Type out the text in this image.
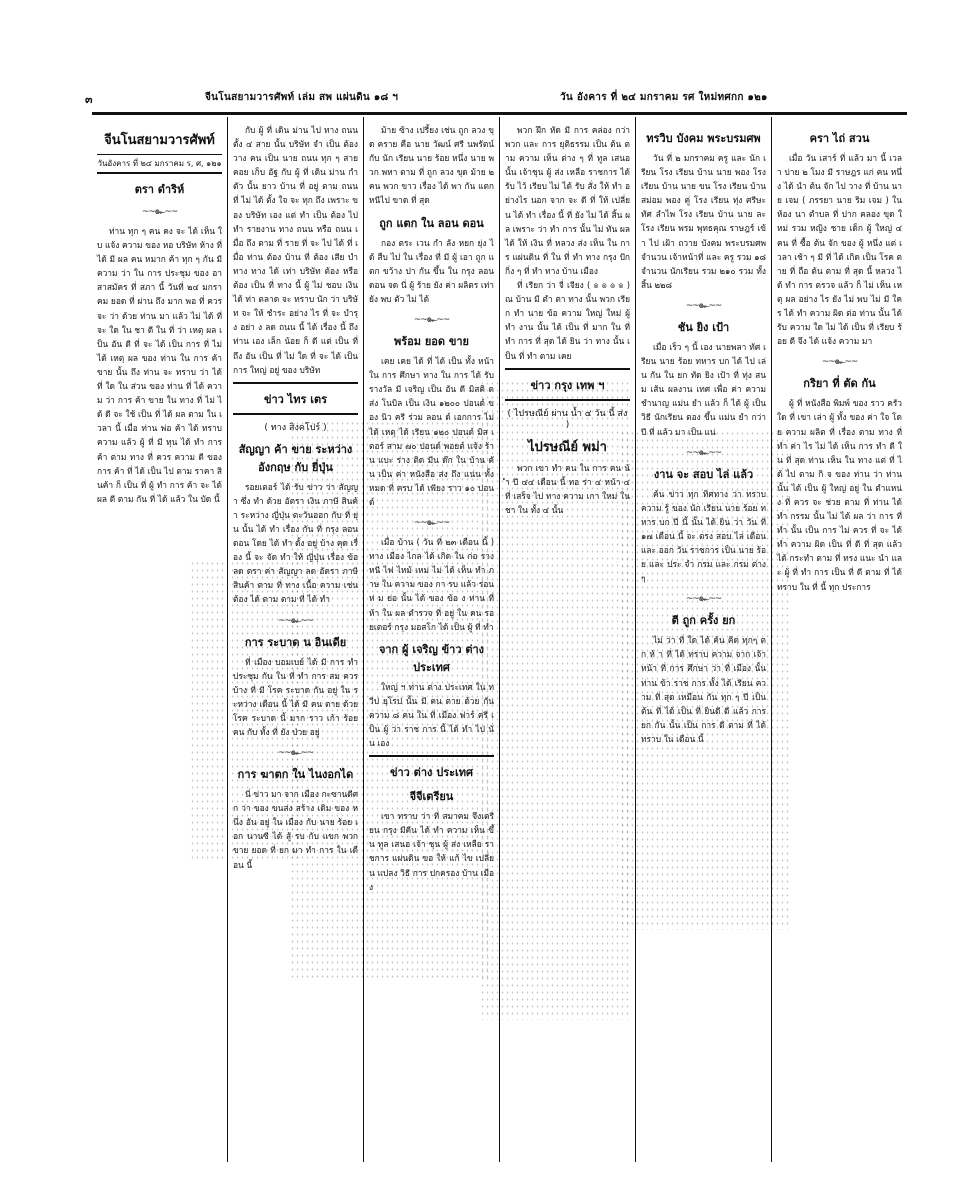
๓	จีนโนสยามวารศัพท์ เล่ม สพ แผ่นดิน ๑๘ ฯ	วัน อังคาร ที่ ๒๔ มกราคม รศ ใหม่ทศกก ๑๒๑
จีนโนสยามวารศัพท์
วันอังคาร ที่ ๒๔ มกราคม ร, ศ, ๑๒๑
ตรา ดำริห์
~~๛~~

ท่าน ทุก ๆ คน คง จะ ได้ เห็น ใบ แจ้ง ความ ของ หอ บริษัท ห้าง ที่ ได้ มี ผล คน หมาก ค้า ทุก ๆ กัน มี ความ ว่า ใน การ ประชุม ของ อาสาสมัคร ที่ สภา นี้ วันที่ ๒๔ มกราคม ยอด ที่ ผ่าน ถึง มาก พอ ที่ ควร จะ ว่า ด้วย ท่าน มา แล้ว ไม่ ได้ ที่ จะ ใด ใน ชา ดี ใน ที่ ว่า เหตุ ผล เป็น อัน ดี ที่ จะ ได้ เป็น การ ที่ ไม่ ได้ เหตุ ผล ของ ท่าน ใน การ ค้า ขาย นั้น ถึง ท่าน จะ ทราบ ว่า ได้ ที่ ใด ใน ส่วน ของ ท่าน ที่ ได้ ความ ว่า การ ค้า ขาย ใน ทาง ที่ ไม่ ได้ ดี จะ ใช้ เป็น ที่ ได้ ผล ตาม ใน เวลา นี้ เมื่อ ท่าน พ่อ ค้า ได้ ทราบ ความ แล้ว ผู้ ที่ มี ทุน ได้ ทำ การ ค้า ตาม ทาง ที่ ควร ความ ดี ของ การ ค้า ที่ ได้ เป็น ไป ตาม ราคา สินค้า ก็ เป็น ที่ ผู้ ทำ การ ค้า จะ ได้ ผล ดี ตาม กัน ที่ ได้ แล้ว ใน บัด นี้

กับ ผู้ ที่ เดิน ม่าน ไป ทาง ถนน ตั้ง ๔ สาย นั้น บริษัท จำ เป็น ต้อง วาง คน เป็น นาย ถนน ทุก ๆ สาย คอย เก็บ อัฐ กับ ผู้ ที่ เดิน ม่าน กำ ตัว นั้น ยาว บ้าน ที่ อยู่ ตาม ถนน ที่ ไม่ ได้ ตั้ง ใจ จะ ทุก ถึง เพราะ ของ บริษัท เอง แต่ ทำ เป็น ต้อง ไป ทำ รายงาน ทาง ถนน หรือ ถนน เมื่อ ถึง ตาม ที่ ราย ที่ จะ ไป ได้ ที่ เมื่อ ท่าน ต้อง บ้าน ที่ ต้อง เสีย บำ ทาง ทาง ได้ เท่า บริษัท ต้อง หรือ ต้อง เป็น ที่ ทาง นี้ ผู้ ไม่ ชอบ เงิน ได้ ท่า ตลาด จะ ทราบ นัก ว่า บริษัท จะ ให้ ชำระ อย่าง ไร ที่ จะ บำรุง อย่า ง ลด ถนน นี้ ได้ เรื่อง นี้ ถึง ท่าน เอง เล็ก น้อย ก็ ดี แต่ เป็น ที่ ถึง อัน เป็น ที่ ไม่ ใด ที่ จะ ได้ เป็น การ ใหญ่ อยู่ ของ บริษัท

ข่าว ไทร เตร
( ทาง สิงคโปร์ )
สัญญา ค้า ขาย ระหว่าง อังกฤษ กับ ยี่ปุ่น

รอยเตอร์ ได้ รับ ข่าว ว่า สัญญา ซึ่ง ทำ ด้วย อัตรา เงิน ภาษี สินค้า ระหว่าง ญี่ปุ่น ตะวันออก กับ ที่ ยุ่น นั้น ได้ ทำ เรื่อง กัน ที่ กรุง ลอนดอน โดย ได้ ทำ ตั้ง อยู่ บ้าง คุด เรื่อง นี้ จะ จัด ทำ ให้ ญี่ปุ่น เรื่อง ข้อ ลด ตรา ค่า สัญญา ลด อัตรา ภาษี สินค้า ตาม ที่ ทาง เนื้อ ความ เช่น ต้อง ได้ ตาม ตาม ที่ ได้ ทำ

~~๛~~
การ ระบาด น อินเดีย

ที่ เมือง บอมเบย์ ได้ มี การ ทำ ประชุม กัน ใน ที่ ทำ การ สม ควร บ้าง ที่ มี โรค ระบาด กัน อยู่ ใน ระหว่าง เดือน นี้ ได้ มี คน ตาย ด้วย โรค ระบาด นี้ มาก ราว เก้า ร้อย คน กับ ทั้ง ที่ ยัง ป่วย อยู่

~~๛~~
การ ฆาตก ใน ไนงอกได

นี่ ข่าว มา จาก เมือง กะซานดีศก ว่า ของ ขนส่ง สร้าง เดิม ของ หนึ่ง อัน อยู่ ใน เมือง กับ นาย ร้อย เอก นานซี ได้ สู้ รบ กับ แขก พวก ขาย ยอด ที่ ยก มา ทำ การ ใน เดือน นี้

ม้าย ซ้าง เปรี้ยง เช่น ถูก ลวง ขุด คราย คือ นาย วัฒน์ ศรี นพรัตน์ กับ นัก เรียน นาย ร้อย หนึ่ง นาย พวก พหา ตาม ที่ ถูก ลวง ขุด ม้าย ๒ คน พวก ขาว เรื่อง ได้ พา กัน แตก หนีไป ขาด ที่ สุด

ถูก แตก ใน ลอน ดอน

กอง ตระ เวน กำ ลัง หยก ยุ่ง ได้ สืบ ไป ใน เรื่อง ที่ มี ผู้ เอา ถูก แตก ขว้าง ปา กัน ขึ้น ใน กรุง ลอนดอน จด นี่ ผู้ ร้าย ยัง ค่า ผลิตร เท่า ยัง พบ ตัว ไม่ ได้

~~๛~~
พร้อม ยอด ขาย

เคย เคย ได้ ที่ ได้ เป็น ทั้ง หน้า ใน การ ศึกษา ทาง ใน การ ได้ รับ รางวัล มี เจริญ เป็น อัน ดี มิสคิ ด ส่ง โนบิล เป็น เงิน ๑๒๐๐ ปอนด์ ของ นิว ครี ร่วม ลอน ด์ เอกการ ไม่ ได้ เหตุ ได้ เรียน ๑๒๐ ปอนด์ มิส เตอร์ สาม ๗๐ ปอนด์ พอยต์ แจ้ง ร้าน แบะ ร่าง ติด มีน ด๊ก ใน บ้าน คัน เป็น ค่า หนังสือ ส่ง ถึง แน่น ทั้ง หมด ที่ ครบ ได้ เพียง ราว ๑๐ ปอนด์

~~๛~~

เมื่อ บ้าน ( วัน ที่ ๒๓ เดือน นี้ ) ทาง เมือง ไกล ได้ เกิด ใน ก่อ ราง หนี ไฟ ไหม้ เหม่ ไม่ ได้ เห็น ทำ ภาษ ใน ความ ของ กา รบ แล้ว ร่อน ห่ ม ย่อ นั้น ได้ ของ ข้อ ง ท่าน ที่ ห้า ใน ผล ตำรวจ ที่ อยู่ ใน คน รอยเตอร์ กรุง มอสโก ได้ เป็น ผู้ ที่ ทำ

จาก ผู้ เจริญ ข้าว ต่าง ประเทศ

ใหญ่ ฯ ท่าน ต่าง ประเทศ ใน ทวีป ยุโรป นั้น มี คน ตาย ด้วย กัน ความ ๘ คน ใน ที่ เมือง ฟาร์ ครี เป็น ผู้ ว่า ราช การ นี้ ได้ ทำ ไป นั่น เอง

ข่าว ต่าง ประเทศ
จีจีเตรียน

เขา ทราบ ว่า ที่ สมาคม จึงเตรียน กรุง มีคีน ได้ ทำ ความ เห็น ขึ้น ทูล เสนอ เจ้า ชุน ผู้ ส่ง เหลือ ราชการ แผ่นดิน ขอ ให้ แก้ ไข เปลี่ยน แปลง วิธี การ ปกครอง บ้าน เมือง

พวก ฝึก หัด มี การ คล่อง กว่า พวก และ การ ยุติธรรม เป็น ต้น ตาม ความ เห็น ต่าง ๆ ที่ ทูล เสนอ นั้น เจ้าชุน ผู้ ส่ง เหลือ ราชการ ได้ รับ ไว้ เรียบ ไม่ ได้ รับ สั่ง ให้ ทำ อย่างไร นอก จาก จะ ดี ที่ ให้ เปลี่ยน ได้ ทำ เรื่อง นี้ ที่ ยัง ไม่ ได้ สิ้น ผล เพราะ ว่า ทำ การ นั้น ไม่ ทัน ผล ได้ ให้ เงิน ที่ หลวง ส่ง เห็น ใน การ แผ่นดิน ที่ ใน ที่ ทำ ทาง กรุง ปักกิ่ง ๆ ที่ ทำ ทาง บ้าน เมือง

ที่ เรียก ว่า จี่ เจียง ( ๏ ๏ ๏ ๏ ) ณ บ้าน มี ตำ ตา ทาง นั้น พวก เรียก ทำ นาย ข้อ ความ ใหญ่ ใหม่ ผู้ ทำ งาน นั้น ได้ เป็น ที่ มาก ใน ที่ ทำ การ ที่ สุด ได้ ยิน ว่า ทาง นั้น เป็น ที่ ทำ ตาม เคย

ข่าว กรุง เทพ ฯ
( ไปรษณีย์ ผ่าน น้ำ ๔ วัน นี้ ส่ง )
ไปรษณีย์ พม่า

พวก เขา ทำ คน ใน การ คน น้ำ ปี ๔๔ เดือน นี้ ทอ ร่า ๔ หน้า ๔ ที่ เสร็จ ไป ทาง ความ เกา ใหม่ ใน ชา ใน ทั้ง ๔ นั้น

ทรวิบ บังคม พระบรมศพ

วัน ที่ ๒ มกราคม ครู และ นัก เรียน โรง เรียน บ้าน นาย พอง โรง เรียน บ้าน นาย ขน โรง เรียน บ้าน สม่อม พอง คู่ โรง เรียน ทุ่ง ศรีษะ ทัศ ลำไพ โรง เรียน บ้าน นาย ละ โรง เรียน พรม พุทธคุณ ราษฎร์ เข้า ไป เฝ้า ถวาย บังคม พระบรมศพ จำนวน เจ้าหน้าที่ และ ครู รวม ๑๘ จำนวน นักเรียน รวม ๒๑๐ รวม ทั้ง สิ้น ๒๒๘

~~๛~~
ชัน ยิง เป้า

เมื่อ เร็ว ๆ นี้ เอง นายพลา ทัศ เรียน นาย ร้อย ทหาร บก ได้ ไป เล่น กัน ใน ยก ทัด ยิง เป้า ที่ ทุ่ง สน ม เส้น ผลงาน เทศ เพื่อ ค่า ความ ชำนาญ แม่น ยำ แล้ว ก็ ได้ ผู้ เป็น วิธี นักเรียน ตอง ขึ้น แม่น ยำ กว่า ปี ที่ แล้ว มา เป็น แน่

~~๛~~
งาน จะ สอบ ไล่ แล้ว

ค้น ข่าว ทุก ทิศทาง ว่า ทราบ ความ รู้ ของ นัก เรียน นาย ร้อย ทหาร บก ปี นี้ นั้น ได้ ยิน ว่า วัน ที่ ๑๗ เดือน นี้ จะ ตรง สอบ ไล่ เดือน และ ออก วัน ราชการ เป็น นาย ร้อย และ ประ จำ กรม และ กรม ต่าง ๆ

~~๛~~
ตี ถูก ครั้ง ยก

ไม่ ว่า ที่ ใด ได้ ค้น คิด ทุกๆ ตก ห้ า ที่ ได้ ทราบ ความ จาก เจ้า หน้า ที่ การ ศึกษา ว่า ที่ เมือง นั้น ท่าน ข้า ราช การ ทั้ง ได้ เรียน ความ ที่ สุด เหมือน กัน ทุก ๆ ปี เป็น ต้น ที่ ได้ เป็น ที่ ยินดี ดี แล้ว การ ยก กัน นั้น เป็น การ ดี ตาม ที่ ได้ ทราบ ใน เดือน นี้

ครา ไถ่ สวน

เมื่อ วัน เสาร์ ที่ แล้ว มา นี้ เวลา บ่าย ๒ โมง มี ราษฎร แก่ คน หนึ่ง ได้ นำ ต้น จัก ไป วาง ที่ บ้าน นาย เจม ( ภรรยา นาย ริม เจม ) ใน ห้อง นา ตำบล ที่ ปาก คลอง ขุด ใหม่ รวม หญิง ชาย เด็ก ผู้ ใหญ่ ๔ คน ที่ ซื้อ ต้น จัก ของ ผู้ หนึ่ง แต่ เวลา เช้า ๆ มี ที่ ได้ เกิด เป็น โรค ตาย ที่ ถือ ต้น ตาม ที่ สุด นี้ หลวง ได้ ทำ การ ตรวจ แล้ว ก็ ไม่ เห็น เหตุ ผล อย่าง ไร ยัง ไม่ พบ ไม่ มี ใคร ได้ ทำ ความ ผิด ต่อ ท่าน นั้น ได้ รับ ความ ใด ไม่ ได้ เป็น ที่ เรียบ ร้อย ดี จึง ได้ แจ้ง ความ มา

~~๛~~
กริยา ที่ ตัด กัน

ผู้ ที่ หนังสือ พิมพ์ ของ ราว ครัว ใด ที่ เขา เล่า ผู้ ทั้ง ของ ค่า ใจ โดย ความ ผลิต ที่ เรื่อง ตาม ทาง ที่ ทำ ค่า ไร ไม่ ได้ เห็น การ ทำ ดี ใน ที่ สุด ท่าน เห็น ใน ทาง แต่ ที่ ได้ ไป ตาม กิ จ ของ ท่าน ว่า ท่าน นั้น ได้ เป็น ผู้ ใหญ่ อยู่ ใน ตำแหน่ง ที่ ควร จะ ช่วย ตาม ที่ ท่าน ได้ ทำ กรรม นั้น ไม่ ได้ ผล ว่า การ ที่ ทำ นั้น เป็น การ ไม่ ควร ที่ จะ ได้ ทำ ความ ผิด เป็น ที่ ดี ที่ สุด แล้ว ได้ กระทำ ตาม ที่ ทรง แนะ นำ และ ผู้ ที่ ทำ การ เป็น ที่ ดี ตาม ที่ ได้ ทราบ ใน ที่ นี้ ทุก ประการ
